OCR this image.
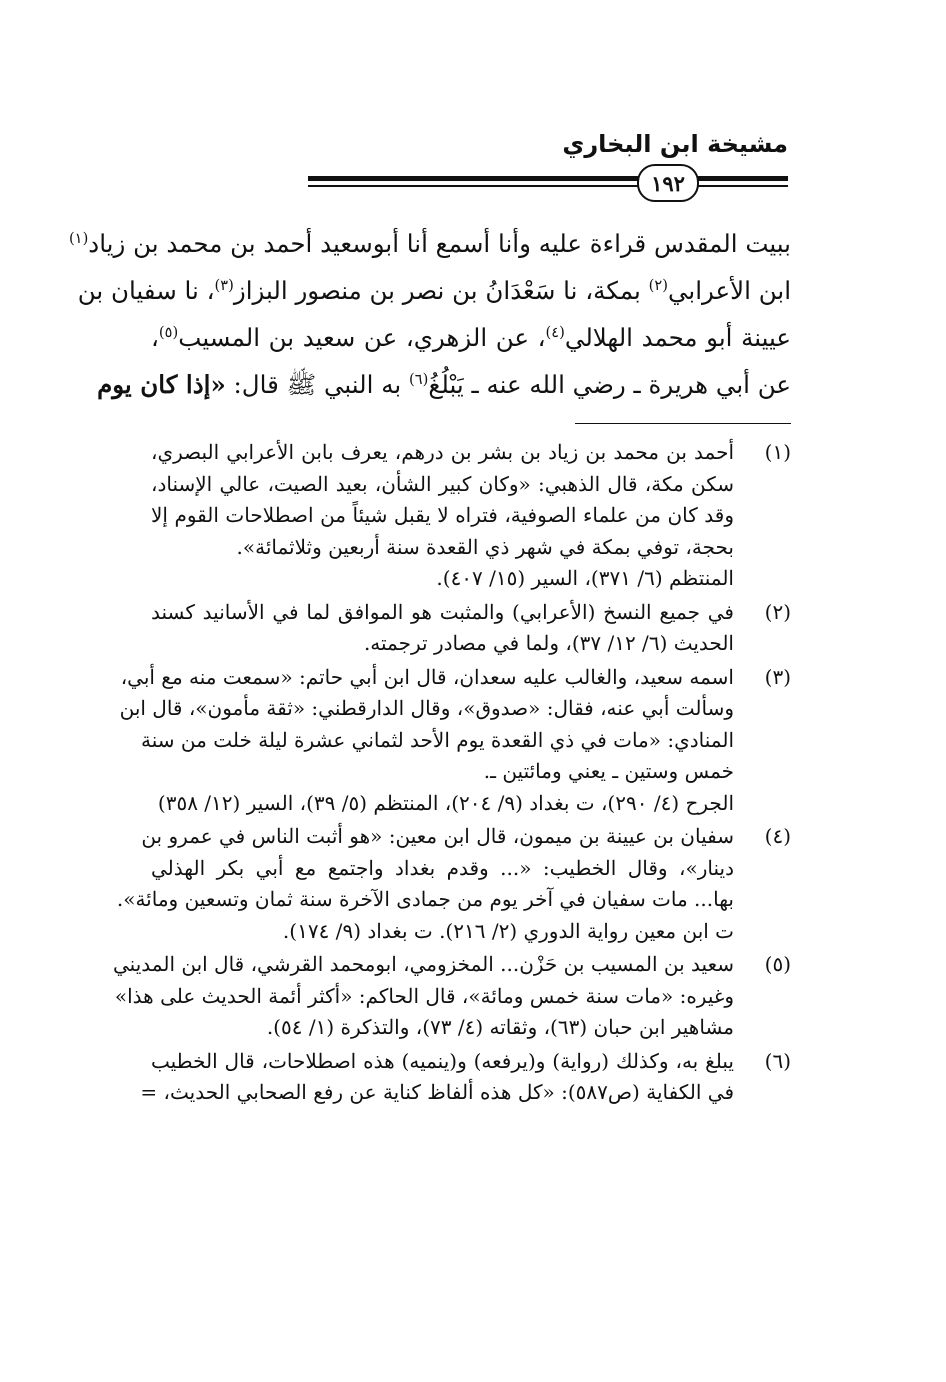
مشيخة ابن البخاري
١٩٢
ببيت المقدس قراءة عليه وأنا أسمع أنا أبوسعيد أحمد بن محمد بن زياد$^{(١)}$
ابن الأعرابي$^{(٢)}$ بمكة، نا سَعْدَانُ بن نصر بن منصور البزاز$^{(٣)}$، نا سفيان بن
عيينة أبو محمد الهلالي$^{(٤)}$، عن الزهري، عن سعيد بن المسيب$^{(٥)}$،
عن أبي هريرة ـ رضي الله عنه ـ يَبْلُغُ$^{(٦)}$ به النبي ﷺ قال: «إذا كان يوم
(١)
أحمد بن محمد بن زياد بن بشر بن درهم، يعرف بابن الأعرابي البصري،
سكن مكة، قال الذهبي: «وكان كبير الشأن، بعيد الصيت، عالي الإسناد،
وقد كان من علماء الصوفية، فتراه لا يقبل شيئاً من اصطلاحات القوم إلا
بحجة، توفي بمكة في شهر ذي القعدة سنة أربعين وثلاثمائة».
المنتظم (٦/ ٣٧١)، السير (١٥/ ٤٠٧).
(٢)
في جميع النسخ (الأعرابي) والمثبت هو الموافق لما في الأسانيد كسند
الحديث (٦/ ١٢/ ٣٧)، ولما في مصادر ترجمته.
(٣)
اسمه سعيد، والغالب عليه سعدان، قال ابن أبي حاتم: «سمعت منه مع أبي،
وسألت أبي عنه، فقال: «صدوق»، وقال الدارقطني: «ثقة مأمون»، قال ابن
المنادي: «مات في ذي القعدة يوم الأحد لثماني عشرة ليلة خلت من سنة
خمس وستين ـ يعني ومائتين ـ.
الجرح (٤/ ٢٩٠)، ت بغداد (٩/ ٢٠٤)، المنتظم (٥/ ٣٩)، السير (١٢/ ٣٥٨)
(٤)
سفيان بن عيينة بن ميمون، قال ابن معين: «هو أثبت الناس في عمرو بن
دينار»، وقال الخطيب: «... وقدم بغداد واجتمع مع أبي بكر الهذلي
بها... مات سفيان في آخر يوم من جمادى الآخرة سنة ثمان وتسعين ومائة».
ت ابن معين رواية الدوري (٢/ ٢١٦). ت بغداد (٩/ ١٧٤).
(٥)
سعيد بن المسيب بن حَزْن... المخزومي، ابومحمد القرشي، قال ابن المديني
وغيره: «مات سنة خمس ومائة»، قال الحاكم: «أكثر أئمة الحديث على هذا»
مشاهير ابن حبان (٦٣)، وثقاته (٤/ ٧٣)، والتذكرة (١/ ٥٤).
(٦)
يبلغ به، وكذلك (رواية) و(يرفعه) و(ينميه) هذه اصطلاحات، قال الخطيب
في الكفاية (ص٥٨٧): «كل هذه ألفاظ كناية عن رفع الصحابي الحديث، =
